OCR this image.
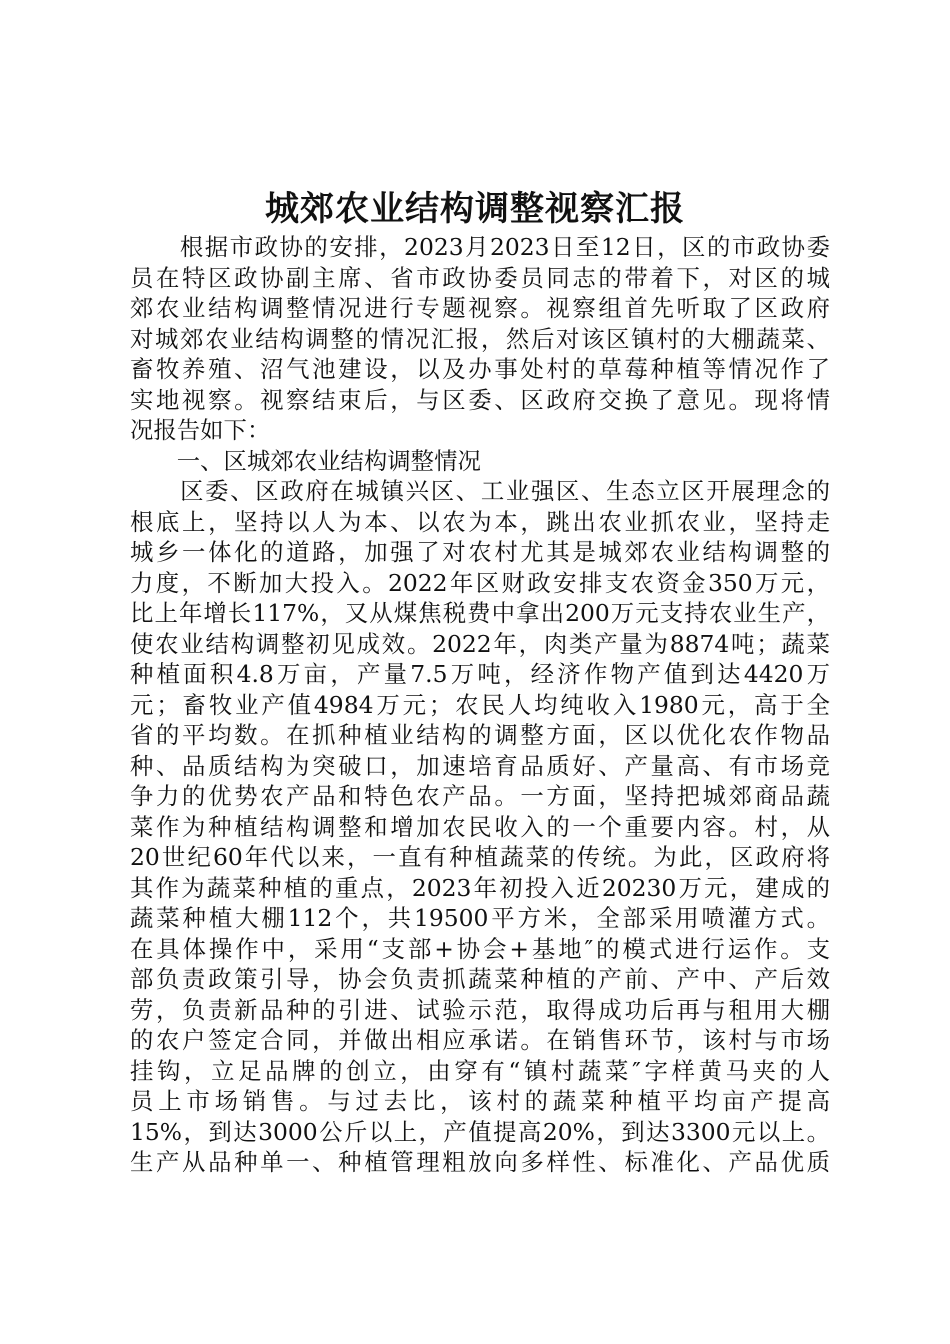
城郊农业结构调整视察汇报
　　根据市政协的安排，2023月2023日至12日，区的市政协委
员在特区政协副主席、省市政协委员同志的带着下，对区的城
郊农业结构调整情况进行专题视察。视察组首先听取了区政府
对城郊农业结构调整的情况汇报，然后对该区镇村的大棚蔬菜、
畜牧养殖、沼气池建设，以及办事处村的草莓种植等情况作了
实地视察。视察结束后，与区委、区政府交换了意见。现将情
况报告如下：
　　一、区城郊农业结构调整情况
　　区委、区政府在城镇兴区、工业强区、生态立区开展理念的
根底上，坚持以人为本、以农为本，跳出农业抓农业，坚持走
城乡一体化的道路，加强了对农村尤其是城郊农业结构调整的
力度，不断加大投入。2022年区财政安排支农资金350万元，
比上年增长117%，又从煤焦税费中拿出200万元支持农业生产，
使农业结构调整初见成效。2022年，肉类产量为8874吨；蔬菜
种植面积4.8万亩，产量7.5万吨，经济作物产值到达4420万
元；畜牧业产值4984万元；农民人均纯收入1980元，高于全
省的平均数。在抓种植业结构的调整方面，区以优化农作物品
种、品质结构为突破口，加速培育品质好、产量高、有市场竞
争力的优势农产品和特色农产品。一方面，坚持把城郊商品蔬
菜作为种植结构调整和增加农民收入的一个重要内容。村，从
20世纪60年代以来，一直有种植蔬菜的传统。为此，区政府将
其作为蔬菜种植的重点，2023年初投入近20230万元，建成的
蔬菜种植大棚112个，共19500平方米，全部采用喷灌方式。
在具体操作中，采用“支部+协会+基地″的模式进行运作。支
部负责政策引导，协会负责抓蔬菜种植的产前、产中、产后效
劳，负责新品种的引进、试验示范，取得成功后再与租用大棚
的农户签定合同，并做出相应承诺。在销售环节，该村与市场
挂钩，立足品牌的创立，由穿有“镇村蔬菜″字样黄马夹的人
员上市场销售。与过去比，该村的蔬菜种植平均亩产提高
15%，到达3000公斤以上，产值提高20%，到达3300元以上。
生产从品种单一、种植管理粗放向多样性、标准化、产品优质
